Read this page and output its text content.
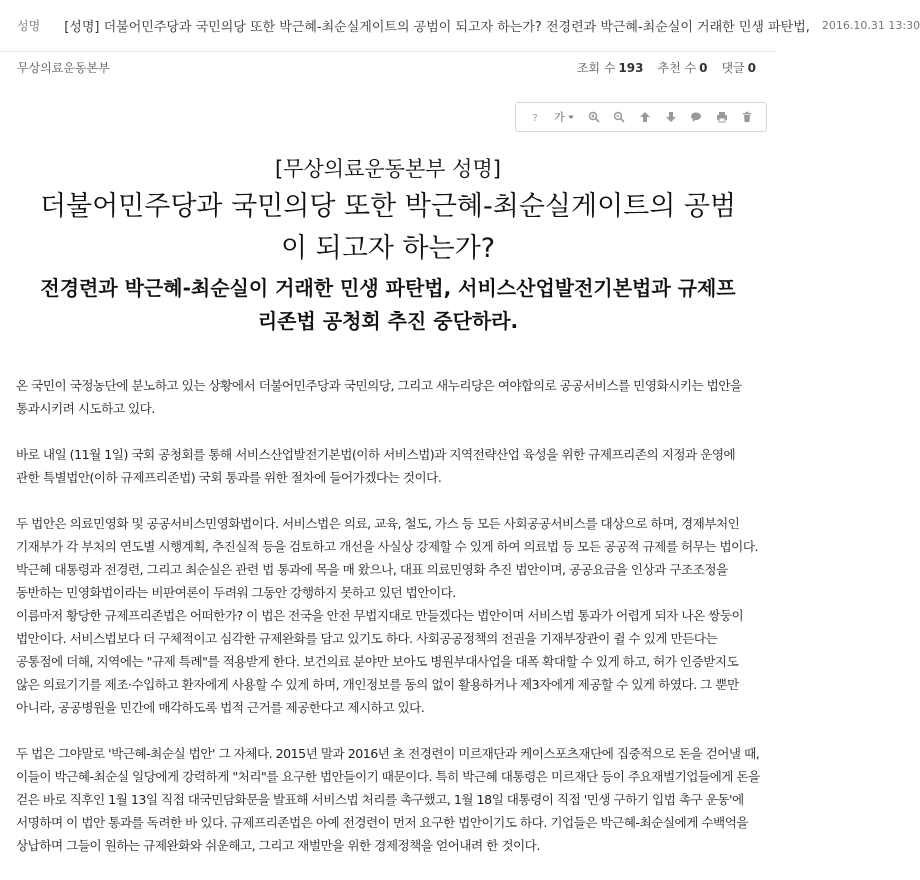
성명 [성명] 더불어민주당과 국민의당 또한 박근혜-최순실게이트의 공범이 되고자 하는가? 전경련과 박근혜-최순실이 거래한 민생 파탄법, 2016.10.31 13:30
무상의료운동본부	조회 수 193 추천 수 0 댓글 0
? 가
[무상의료운동본부 성명]
더불어민주당과 국민의당 또한 박근혜-최순실게이트의 공범이 되고자 하는가?
전경련과 박근혜-최순실이 거래한 민생 파탄법, 서비스산업발전기본법과 규제프리존법 공청회 추진 중단하라.

온 국민이 국정농단에 분노하고 있는 상황에서 더불어민주당과 국민의당, 그리고 새누리당은 여야합의로 공공서비스를 민영화시키는 법안을 통과시키려 시도하고 있다.

바로 내일 (11월 1일) 국회 공청회를 통해 서비스산업발전기본법(이하 서비스법)과 지역전략산업 육성을 위한 규제프리존의 지정과 운영에 관한 특별법안(이하 규제프리존법) 국회 통과를 위한 절차에 들어가겠다는 것이다.

두 법안은 의료민영화 및 공공서비스민영화법이다. 서비스법은 의료, 교육, 철도, 가스 등 모든 사회공공서비스를 대상으로 하며, 경제부처인 기재부가 각 부처의 연도별 시행계획, 추진실적 등을 검토하고 개선을 사실상 강제할 수 있게 하여 의료법 등 모든 공공적 규제를 허무는 법이다. 박근혜 대통령과 전경련, 그리고 최순실은 관련 법 통과에 목을 매 왔으나, 대표 의료민영화 추진 법안이며, 공공요금을 인상과 구조조정을 동반하는 민영화법이라는 비판여론이 두려워 그동안 강행하지 못하고 있던 법안이다.

이름마저 황당한 규제프리존법은 어떠한가? 이 법은 전국을 안전 무법지대로 만들겠다는 법안이며 서비스법 통과가 어렵게 되자 나온 쌍둥이 법안이다. 서비스법보다 더 구체적이고 심각한 규제완화를 담고 있기도 하다. 사회공공정책의 전권을 기재부장관이 쥘 수 있게 만든다는 공통점에 더해, 지역에는 "규제 특례"를 적용받게 한다. 보건의료 분야만 보아도 병원부대사업을 대폭 확대할 수 있게 하고, 허가 인증받지도 않은 의료기기를 제조·수입하고 환자에게 사용할 수 있게 하며, 개인정보를 동의 없이 활용하거나 제3자에게 제공할 수 있게 하였다. 그 뿐만 아니라, 공공병원을 민간에 매각하도록 법적 근거를 제공한다고 제시하고 있다.

두 법은 그야말로 '박근혜-최순실 법안' 그 자체다. 2015년 말과 2016년 초 전경련이 미르재단과 케이스포츠재단에 집중적으로 돈을 걷어낼 때, 이들이 박근혜-최순실 일당에게 강력하게 "처리"를 요구한 법안들이기 때문이다. 특히 박근혜 대통령은 미르재단 등이 주요재벌기업들에게 돈을 걷은 바로 직후인 1월 13일 직접 대국민담화문을 발표해 서비스법 처리를 촉구했고, 1월 18일 대통령이 직접 '민생 구하기 입법 촉구 운동'에 서명하며 이 법안 통과를 독려한 바 있다. 규제프리존법은 아예 전경련이 먼저 요구한 법안이기도 하다. 기업들은 박근혜-최순실에게 수백억을 상납하며 그들이 원하는 규제완화와 쉬운해고, 그리고 재벌만을 위한 경제정책을 얻어내려 한 것이다.
